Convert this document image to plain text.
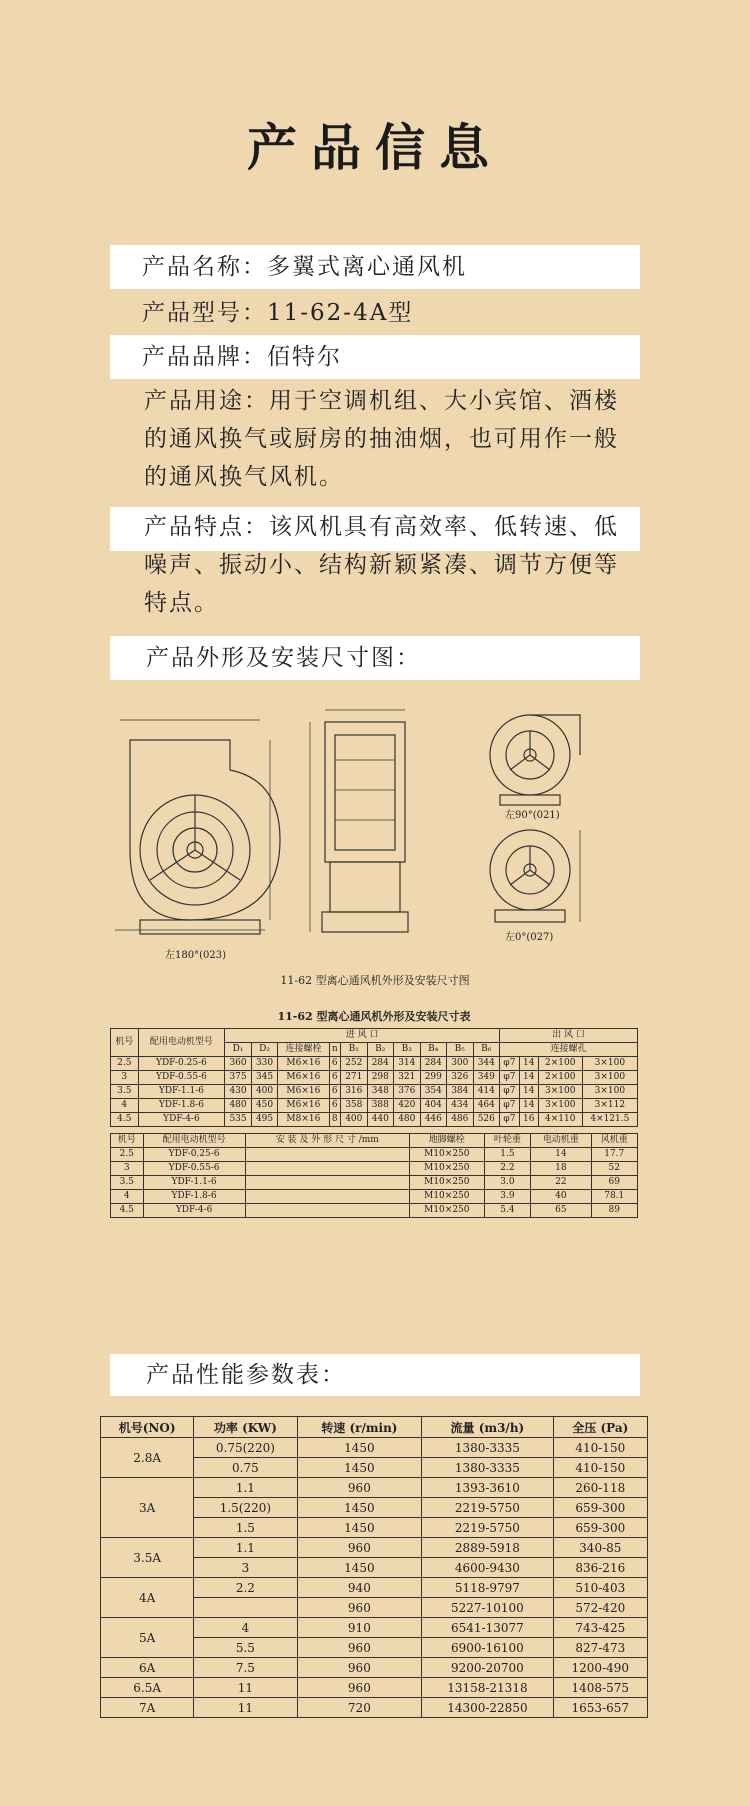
产品信息
产品名称：多翼式离心通风机
产品型号：11-62-4A型
产品品牌：佰特尔
产品用途：用于空调机组、大小宾馆、酒楼的通风换气或厨房的抽油烟，也可用作一般的通风换气风机。
产品特点：该风机具有高效率、低转速、低噪声、振动小、结构新颖紧凑、调节方便等特点。
产品外形及安装尺寸图：
左180°(023)
左90°(021)
左0°(027)
11-62 型离心通风机外形及安装尺寸图
11-62 型离心通风机外形及安装尺寸表
机号	配用电动机型号	进 风 口										出 风 口			
		D₁	D₂	连接螺栓	n	B₁	B₂	B₃	B₄	B₅	B₆	连接螺孔			
2.5	YDF-0.25-6	360	330	M6×16	6	252	284	314	284	300	344	φ7	14	2×100	3×100
3	YDF-0.55-6	375	345	M6×16	6	271	298	321	299	326	349	φ7	14	2×100	3×100
3.5	YDF-1.1-6	430	400	M6×16	6	316	348	376	354	384	414	φ7	14	3×100	3×100
4	YDF-1.8-6	480	450	M6×16	6	358	388	420	404	434	464	φ7	14	3×100	3×112
4.5	YDF-4-6	535	495	M8×16	8	400	440	480	446	486	526	φ7	16	4×110	4×121.5
机号	配用电动机型号	安 装 及 外 形 尺 寸 /mm	地脚螺栓	叶轮重	电动机重	风机重
2.5	YDF-0.25-6		M10×250	1.5	14	17.7
3	YDF-0.55-6		M10×250	2.2	18	52
3.5	YDF-1.1-6		M10×250	3.0	22	69
4	YDF-1.8-6		M10×250	3.9	40	78.1
4.5	YDF-4-6		M10×250	5.4	65	89
产品性能参数表：
机号(NO)	功率 (KW)	转速 (r/min)	流量 (m3/h)	全压 (Pa)
2.8A	0.75(220)	1450	1380-3335	410-150
	0.75	1450	1380-3335	410-150
3A	1.1	960	1393-3610	260-118
	1.5(220)	1450	2219-5750	659-300
	1.5	1450	2219-5750	659-300
3.5A	1.1	960	2889-5918	340-85
	3	1450	4600-9430	836-216
4A	2.2	940	5118-9797	510-403
		960	5227-10100	572-420
5A	4	910	6541-13077	743-425
	5.5	960	6900-16100	827-473
6A	7.5	960	9200-20700	1200-490
6.5A	11	960	13158-21318	1408-575
7A	11	720	14300-22850	1653-657
